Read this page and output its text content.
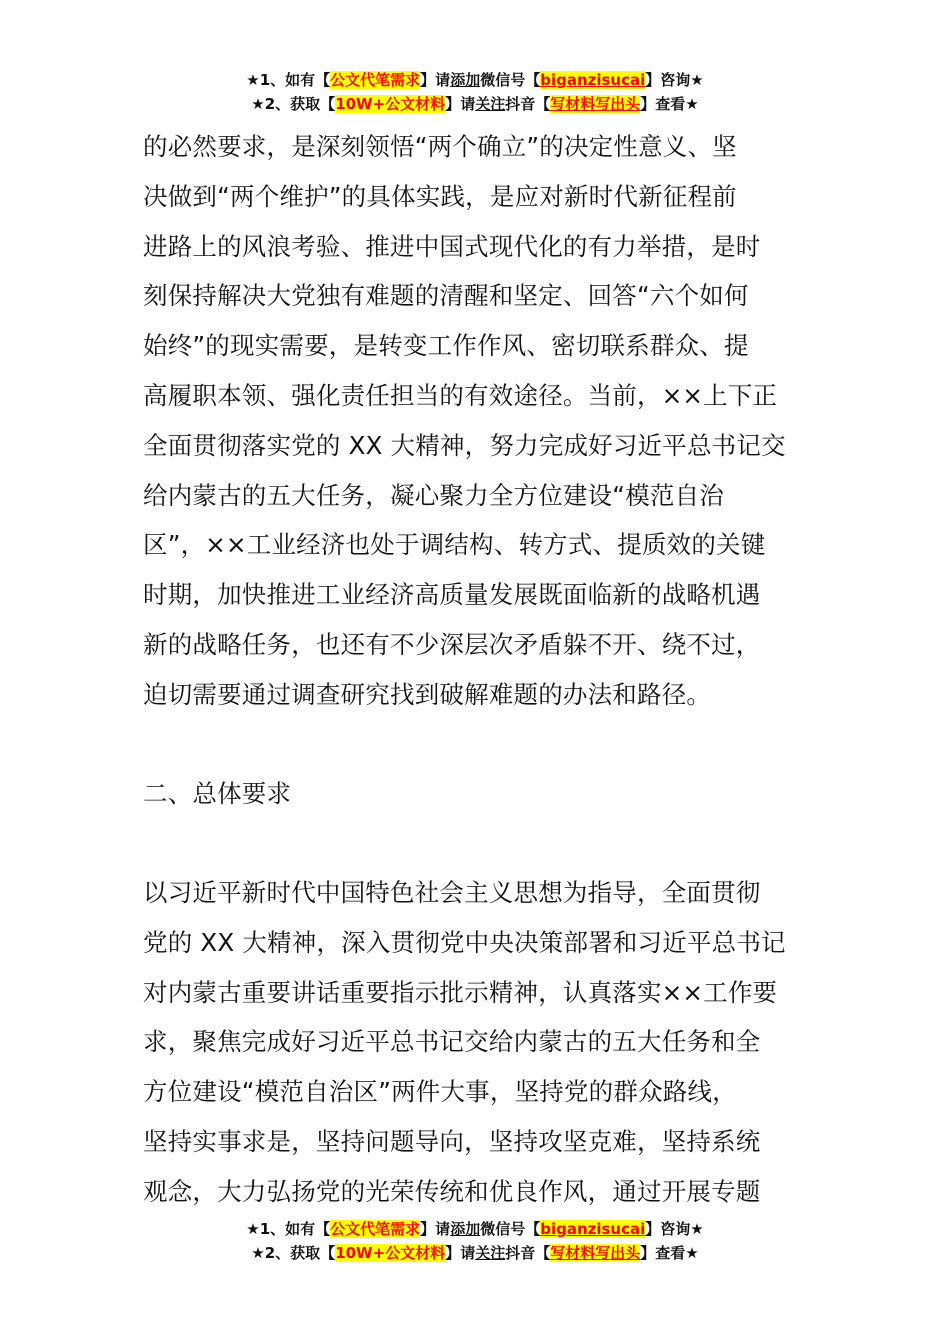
★1、如有【公文代笔需求】请添加微信号【biganzisucai】咨询★
★2、获取【10W+公文材料】请关注抖音【写材料写出头】查看★
的必然要求，是深刻领悟“两个确立”的决定性意义、坚
决做到“两个维护”的具体实践，是应对新时代新征程前
进路上的风浪考验、推进中国式现代化的有力举措，是时
刻保持解决大党独有难题的清醒和坚定、回答“六个如何
始终”的现实需要，是转变工作作风、密切联系群众、提
高履职本领、强化责任担当的有效途径。当前，××上下正
全面贯彻落实党的 XX 大精神，努力完成好习近平总书记交
给内蒙古的五大任务，凝心聚力全方位建设“模范自治
区”，××工业经济也处于调结构、转方式、提质效的关键
时期，加快推进工业经济高质量发展既面临新的战略机遇
新的战略任务，也还有不少深层次矛盾躲不开、绕不过，
迫切需要通过调查研究找到破解难题的办法和路径。
二、总体要求
以习近平新时代中国特色社会主义思想为指导，全面贯彻
党的 XX 大精神，深入贯彻党中央决策部署和习近平总书记
对内蒙古重要讲话重要指示批示精神，认真落实××工作要
求，聚焦完成好习近平总书记交给内蒙古的五大任务和全
方位建设“模范自治区”两件大事，坚持党的群众路线，
坚持实事求是，坚持问题导向，坚持攻坚克难，坚持系统
观念，大力弘扬党的光荣传统和优良作风，通过开展专题
★1、如有【公文代笔需求】请添加微信号【biganzisucai】咨询★
★2、获取【10W+公文材料】请关注抖音【写材料写出头】查看★
